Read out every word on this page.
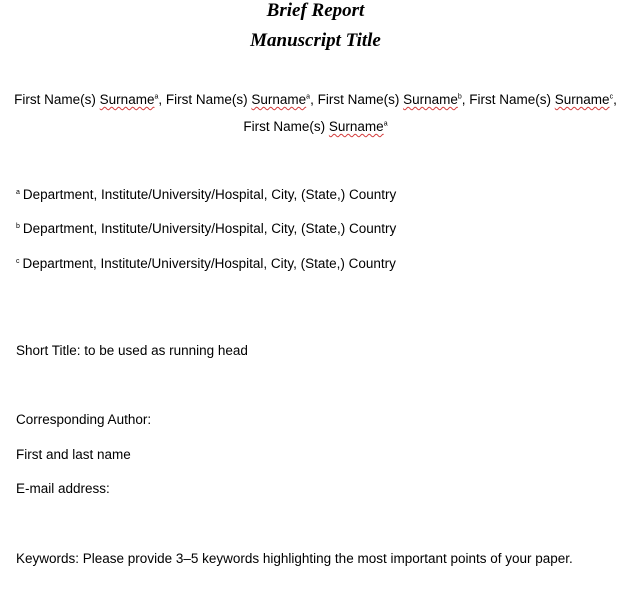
Brief Report
Manuscript Title

First Name(s) Surname$^a$, First Name(s) Surname$^a$, First Name(s) Surname$^b$, First Name(s) Surname$^c$,
First Name(s) Surname$^a$

$^a$ Department, Institute/University/Hospital, City, (State,) Country

$^b$ Department, Institute/University/Hospital, City, (State,) Country

$^c$ Department, Institute/University/Hospital, City, (State,) Country

Short Title: to be used as running head

Corresponding Author:

First and last name

E-mail address:

Keywords: Please provide 3–5 keywords highlighting the most important points of your paper.
